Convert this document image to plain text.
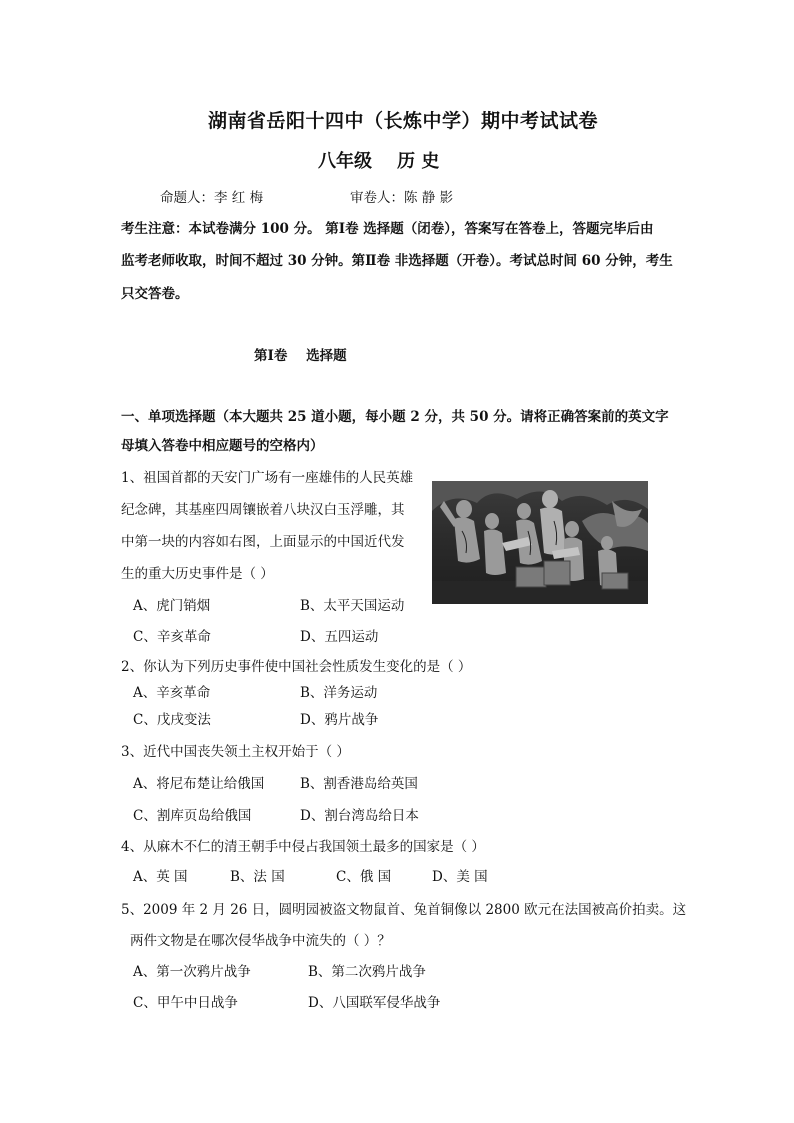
湖南省岳阳十四中（长炼中学）期中考试试卷
八年级    历 史
命题人：李 红 梅	审卷人：陈 静 影
考生注意：本试卷满分 100 分。 第Ⅰ卷 选择题（闭卷），答案写在答卷上，答题完毕后由
监考老师收取，时间不超过 30 分钟。第Ⅱ卷 非选择题（开卷）。考试总时间 60 分钟，考生
只交答卷。
第Ⅰ卷    选择题
一、单项选择题（本大题共 25 道小题，每小题 2 分，共 50 分。请将正确答案前的英文字
母填入答卷中相应题号的空格内）
1、祖国首都的天安门广场有一座雄伟的人民英雄
纪念碑，其基座四周镶嵌着八块汉白玉浮雕，其
中第一块的内容如右图，上面显示的中国近代发
生的重大历史事件是（ ）
A、虎门销烟	B、太平天国运动
C、辛亥革命	D、五四运动
2、你认为下列历史事件使中国社会性质发生变化的是（ ）
A、辛亥革命	B、洋务运动
C、戊戌变法	D、鸦片战争
3、近代中国丧失领土主权开始于（ ）
A、将尼布楚让给俄国	B、割香港岛给英国
C、割库页岛给俄国	D、割台湾岛给日本
4、从麻木不仁的清王朝手中侵占我国领土最多的国家是（ ）
A、英 国	B、法 国	C、俄 国	D、美 国
5、2009 年 2 月 26 日，圆明园被盗文物鼠首、兔首铜像以 2800 欧元在法国被高价拍卖。这
两件文物是在哪次侵华战争中流失的（ ）？
A、第一次鸦片战争	B、第二次鸦片战争
C、甲午中日战争	D、八国联军侵华战争
